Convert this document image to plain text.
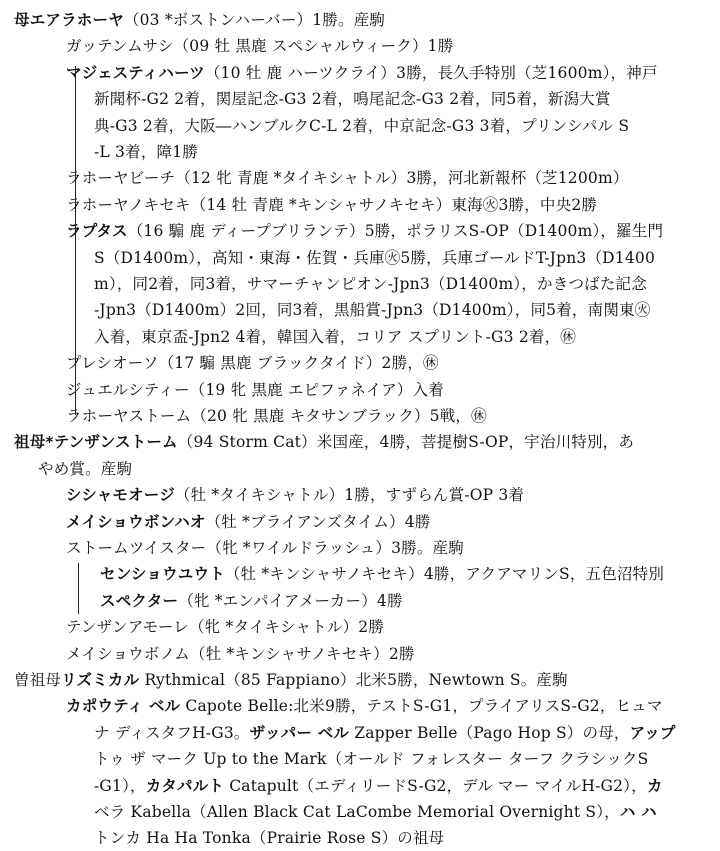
母エアラホーヤ（03 *ボストンハーバー）1勝。産駒
ガッテンムサシ（09 牡 黒鹿 スペシャルウィーク）1勝
マジェスティハーツ（10 牡 鹿 ハーツクライ）3勝，長久手特別（芝1600m），神戸
新聞杯-G2 2着，関屋記念-G3 2着，鳴尾記念-G3 2着，同5着，新潟大賞
典-G3 2着，大阪―ハンブルクC-L 2着，中京記念-G3 3着，プリンシパル S
-L 3着，障1勝
ラホーヤビーチ（12 牝 青鹿 *タイキシャトル）3勝，河北新報杯（芝1200m）
ラホーヤノキセキ（14 牡 青鹿 *キンシャサノキセキ）東海㊋3勝，中央2勝
ラプタス（16 騸 鹿 ディープブリランテ）5勝，ポラリスS-OP（D1400m），羅生門
S（D1400m），高知・東海・佐賀・兵庫㊋5勝，兵庫ゴールドT-Jpn3（D1400
m），同2着，同3着，サマーチャンピオン-Jpn3（D1400m），かきつばた記念
-Jpn3（D1400m）2回，同3着，黒船賞-Jpn3（D1400m），同5着，南関東㊋
入着，東京盃-Jpn2 4着，韓国入着，コリア スプリント-G3 2着，㊡
プレシオーソ（17 騸 黒鹿 ブラックタイド）2勝，㊡
ジュエルシティー（19 牝 黒鹿 エピファネイア）入着
ラホーヤストーム（20 牝 黒鹿 キタサンブラック）5戦，㊡
祖母*テンザンストーム（94 Storm Cat）米国産，4勝，菩提樹S-OP，宇治川特別，あ
やめ賞。産駒
シシャモオージ（牡 *タイキシャトル）1勝，すずらん賞-OP 3着
メイショウボンハオ（牡 *ブライアンズタイム）4勝
ストームツイスター（牝 *ワイルドラッシュ）3勝。産駒
センショウユウト（牡 *キンシャサノキセキ）4勝，アクアマリンS，五色沼特別
スペクター（牝 *エンパイアメーカー）4勝
テンザンアモーレ（牝 *タイキシャトル）2勝
メイショウボノム（牡 *キンシャサノキセキ）2勝
曽祖母リズミカル Rythmical（85 Fappiano）北米5勝，Newtown S。産駒
カポウティ ベル Capote Belle:北米9勝，テストS-G1，プライアリスS-G2，ヒュマ
ナ ディスタフH-G3。ザッパー ベル Zapper Belle（Pago Hop S）の母，アップ
トゥ ザ マーク Up to the Mark（オールド フォレスター ターフ クラシックS
-G1），カタパルト Catapult（エディリードS-G2，デル マー マイルH-G2），カ
ベラ Kabella（Allen Black Cat LaCombe Memorial Overnight S），ハ ハ
トンカ Ha Ha Tonka（Prairie Rose S）の祖母
